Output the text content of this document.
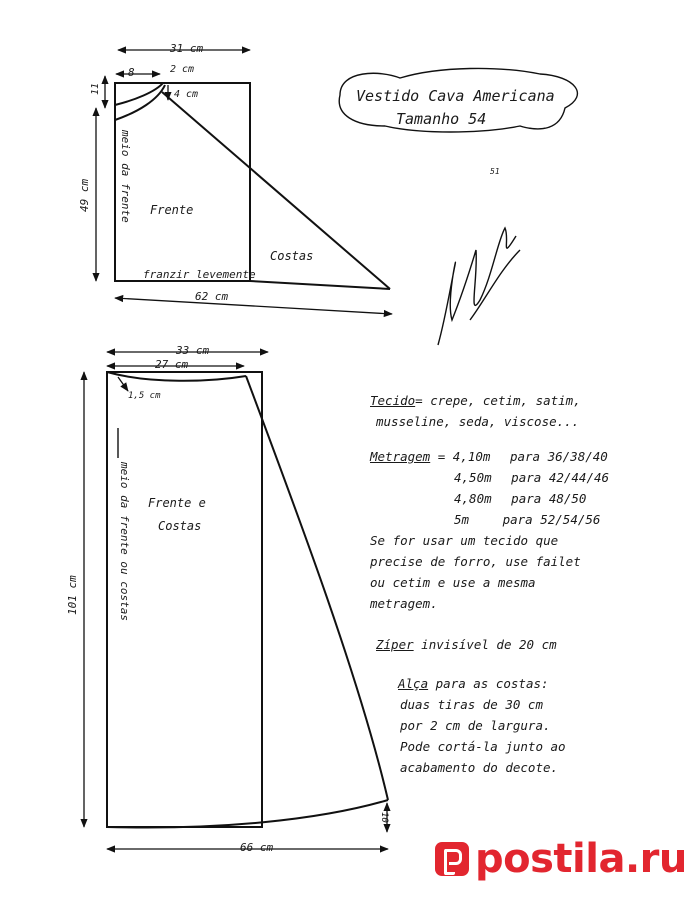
31 cm
8	2 cm
4 cm
11
49 cm	meio da frente Frente
Costas
franzir levemente
62 cm
Vestido Cava Americana
Tamanho 54
51
33 cm
27 cm
1,5 cm
meio da frente ou costas Frente e
Costas
101 cm
10
66 cm
Tecido= crepe, cetim, satim,
musseline, seda, viscose...
Metragem = 4,10m para 36/38/40
4,50m para 42/44/46
4,80m para 48/50
5m	para 52/54/56
Se for usar um tecido que
precise de forro, use failet
ou cetim e use a mesma
metragem.
Zíper invisível de 20 cm
Alça para as costas:
duas tiras de 30 cm
por 2 cm de largura.
Pode cortá-la junto ao
acabamento do decote.
postila.ru
